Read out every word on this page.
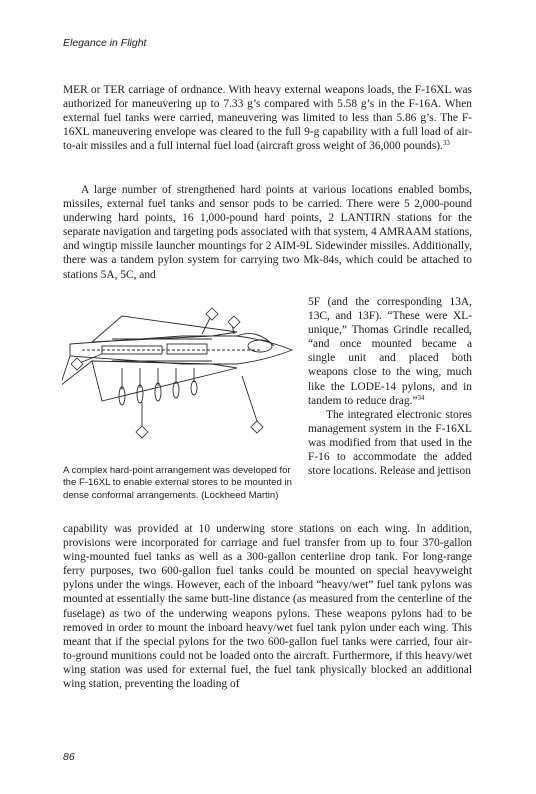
Elegance in Flight

MER or TER carriage of ordnance. With heavy external weapons loads, the F-16XL was authorized for maneuvering up to 7.33 g’s compared with 5.58 g’s in the F-16A. When external fuel tanks were carried, maneuvering was limited to less than 5.86 g’s. The F-16XL maneuvering envelope was cleared to the full 9-g capability with a full load of air-to-air missiles and a full internal fuel load (aircraft gross weight of 36,000 pounds).$^{33}$

A large number of strengthened hard points at various locations enabled bombs, missiles, external fuel tanks and sensor pods to be carried. There were 5 2,000-pound underwing hard points, 16 1,000-pound hard points, 2 LANTIRN stations for the separate navigation and targeting pods associated with that system, 4 AMRAAM stations, and wingtip missile launcher mountings for 2 AIM-9L Sidewinder missiles. Additionally, there was a tandem pylon system for carrying two Mk-84s, which could be attached to stations 5A, 5C, and

A complex hard-point arrangement was developed for the F-16XL to enable external stores to be mounted in dense conformal arrangements. (Lockheed Martin)

5F (and the corresponding 13A, 13C, and 13F). “These were XL-unique,” Thomas Grindle recalled, “and once mounted became a single unit and placed both weapons close to the wing, much like the LODE-14 pylons, and in tandem to reduce drag.”$^{34}$
The integrated electronic stores management system in the F-16XL was modified from that used in the F-16 to accommodate the added store locations. Release and jettison

capability was provided at 10 underwing store stations on each wing. In addition, provisions were incorporated for carriage and fuel transfer from up to four 370-gallon wing-mounted fuel tanks as well as a 300-gallon centerline drop tank. For long-range ferry purposes, two 600-gallon fuel tanks could be mounted on special heavyweight pylons under the wings. However, each of the inboard “heavy/wet” fuel tank pylons was mounted at essentially the same butt-line distance (as measured from the centerline of the fuselage) as two of the underwing weapons pylons. These weapons pylons had to be removed in order to mount the inboard heavy/wet fuel tank pylon under each wing. This meant that if the special pylons for the two 600-gallon fuel tanks were carried, four air-to-ground munitions could not be loaded onto the aircraft. Furthermore, if this heavy/wet wing station was used for external fuel, the fuel tank physically blocked an additional wing station, preventing the loading of

86
